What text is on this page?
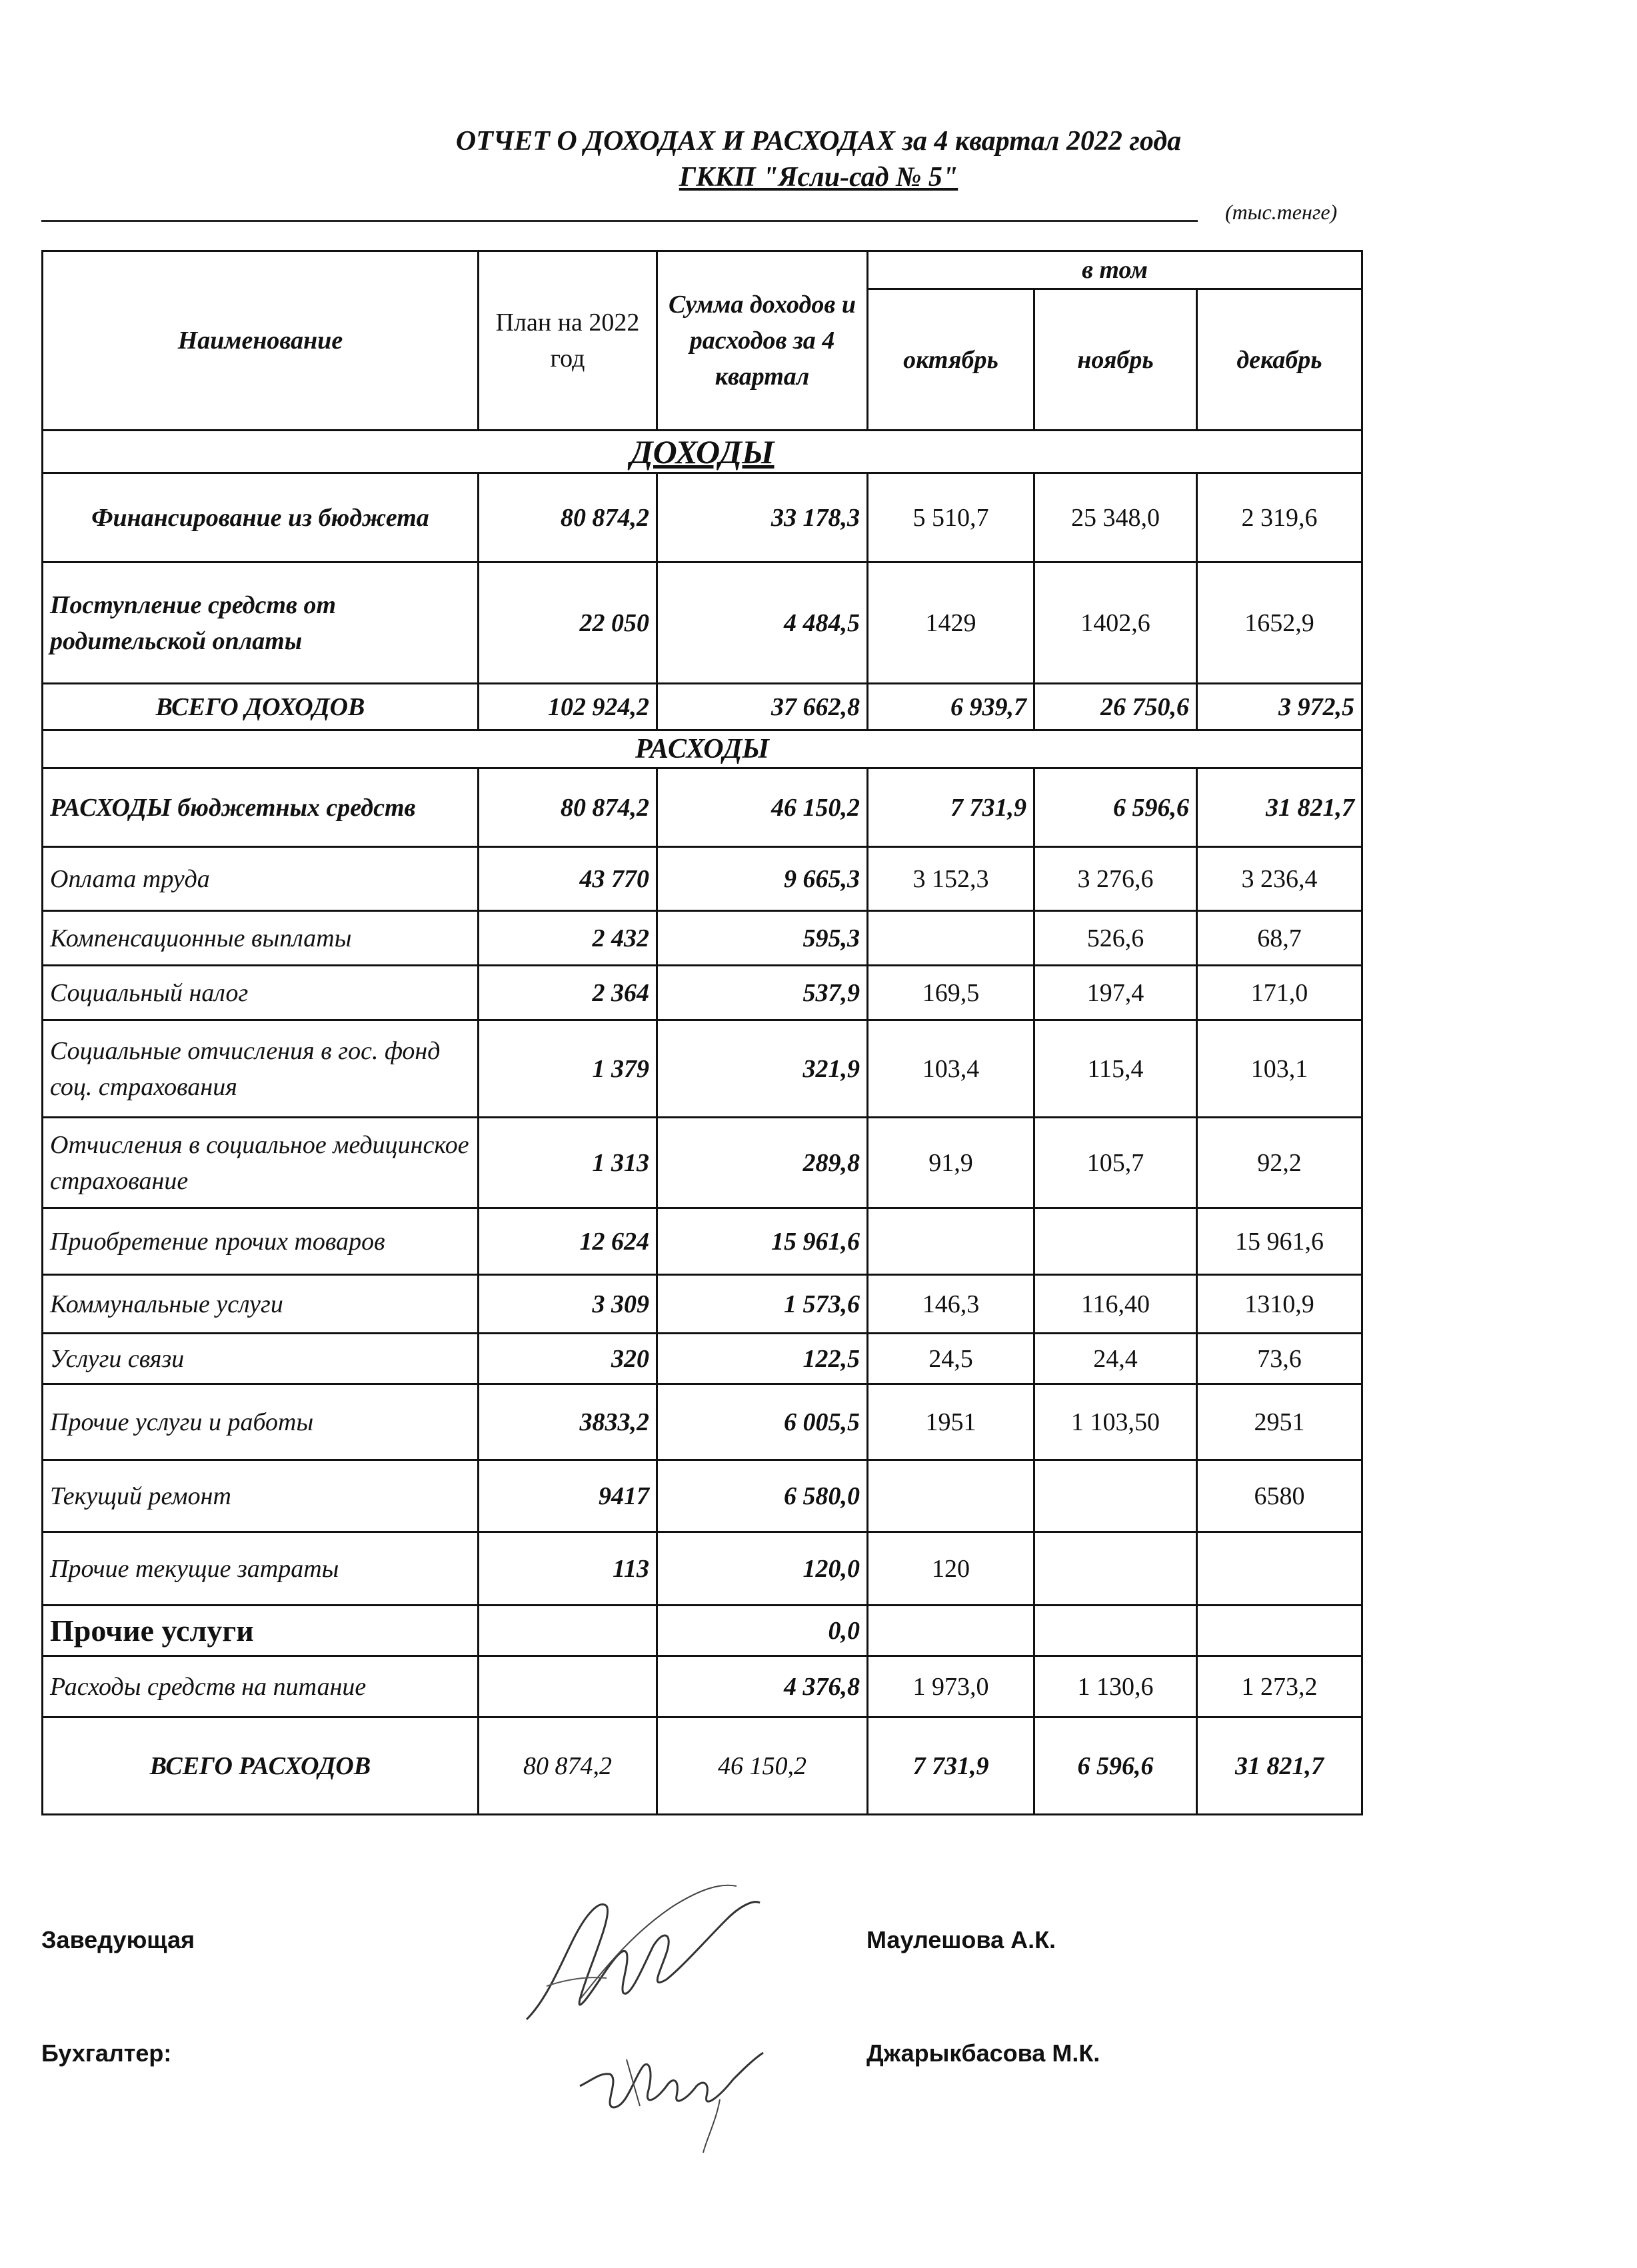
ОТЧЕТ О ДОХОДАХ И РАСХОДАХ за 4 квартал 2022 года
ГККП "Ясли-сад № 5"
(тыс.тенге)
Наименование	План на 2022 год	Сумма доходов и расходов за 4 квартал	в том		
			октябрь	ноябрь	декабрь
ДОХОДЫ					
Финансирование из бюджета	80 874,2	33 178,3	5 510,7	25 348,0	2 319,6
Поступление средств от родительской оплаты	22 050	4 484,5	1429	1402,6	1652,9
ВСЕГО ДОХОДОВ	102 924,2	37 662,8	6 939,7	26 750,6	3 972,5
РАСХОДЫ					
РАСХОДЫ бюджетных средств	80 874,2	46 150,2	7 731,9	6 596,6	31 821,7
Оплата труда	43 770	9 665,3	3 152,3	3 276,6	3 236,4
Компенсационные выплаты	2 432	595,3		526,6	68,7
Социальный налог	2 364	537,9	169,5	197,4	171,0
Социальные отчисления в гос. фонд соц. страхования	1 379	321,9	103,4	115,4	103,1
Отчисления в социальное медицинское страхование	1 313	289,8	91,9	105,7	92,2
Приобретение прочих товаров	12 624	15 961,6			15 961,6
Коммунальные услуги	3 309	1 573,6	146,3	116,40	1310,9
Услуги связи	320	122,5	24,5	24,4	73,6
Прочие услуги и работы	3833,2	6 005,5	1951	1 103,50	2951
Текущий ремонт	9417	6 580,0			6580
Прочие текущие затраты	113	120,0	120		
Прочие услуги		0,0			
Расходы средств на питание		4 376,8	1 973,0	1 130,6	1 273,2
ВСЕГО РАСХОДОВ	80 874,2	46 150,2	7 731,9	6 596,6	31 821,7
Заведующая	Маулешова А.К.
Бухгалтер:	Джарыкбасова М.К.
